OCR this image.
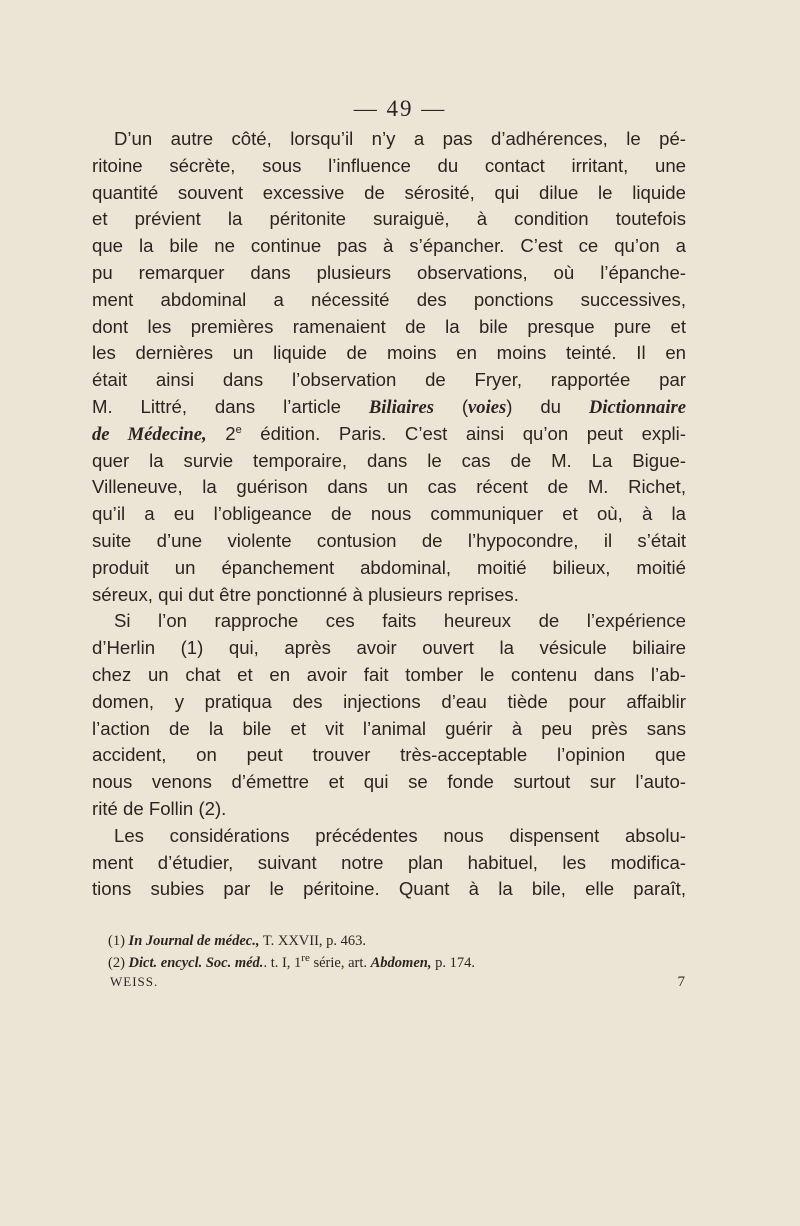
— 49 —
D’un autre côté, lorsqu’il n’y a pas d’adhérences, le pé-
ritoine sécrète, sous l’influence du contact irritant, une
quantité souvent excessive de sérosité, qui dilue le liquide
et prévient la péritonite suraiguë, à condition toutefois
que la bile ne continue pas à s’épancher. C’est ce qu’on a
pu remarquer dans plusieurs observations, où l’épanche-
ment abdominal a nécessité des ponctions successives,
dont les premières ramenaient de la bile presque pure et
les dernières un liquide de moins en moins teinté. Il en
était ainsi dans l’observation de Fryer, rapportée par
M. Littré, dans l’article Biliaires (voies) du Dictionnaire
de Médecine, 2e édition. Paris. C’est ainsi qu’on peut expli-
quer la survie temporaire, dans le cas de M. La Bigue-
Villeneuve, la guérison dans un cas récent de M. Richet,
qu’il a eu l’obligeance de nous communiquer et où, à la
suite d’une violente contusion de l’hypocondre, il s’était
produit un épanchement abdominal, moitié bilieux, moitié
séreux, qui dut être ponctionné à plusieurs reprises.
Si l’on rapproche ces faits heureux de l’expérience
d’Herlin (1) qui, après avoir ouvert la vésicule biliaire
chez un chat et en avoir fait tomber le contenu dans l’ab-
domen, y pratiqua des injections d’eau tiède pour affaiblir
l’action de la bile et vit l’animal guérir à peu près sans
accident, on peut trouver très-acceptable l’opinion que
nous venons d’émettre et qui se fonde surtout sur l’auto-
rité de Follin (2).
Les considérations précédentes nous dispensent absolu-
ment d’étudier, suivant notre plan habituel, les modifica-
tions subies par le péritoine. Quant à la bile, elle paraît,
(1) In Journal de médec., T. XXVII, p. 463.
(2) Dict. encycl. Soc. méd.. t. I, 1re série, art. Abdomen, p. 174.
WEISS.	7
